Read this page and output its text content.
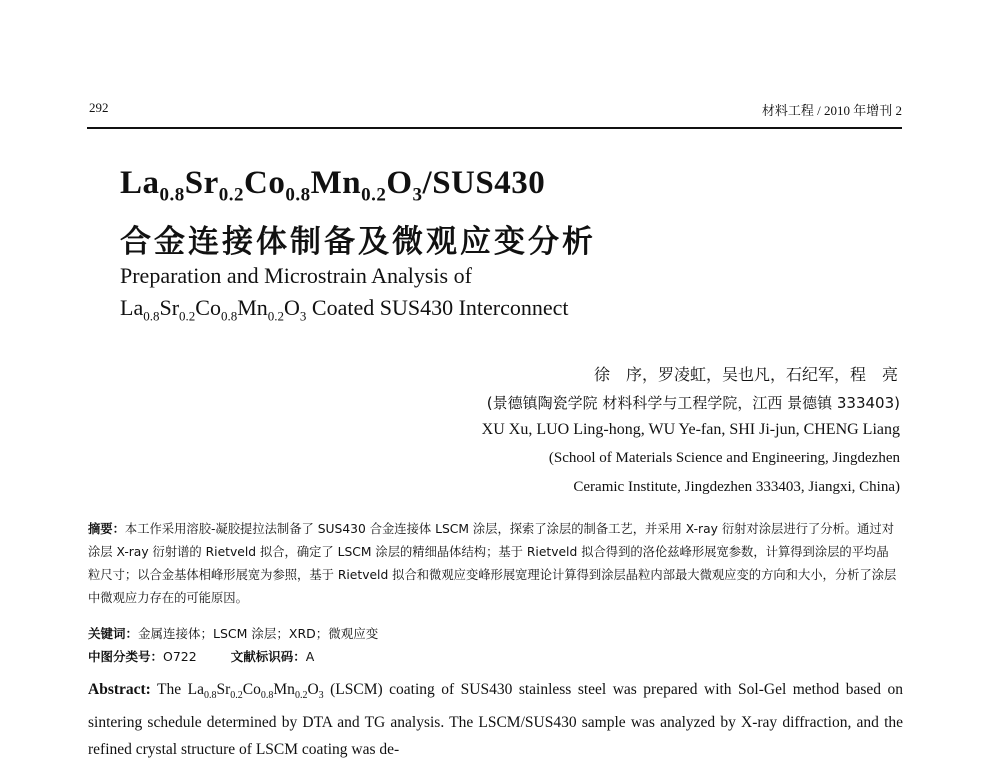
292	材料工程 / 2010 年增刊 2
$La_{0.8}Sr_{0.2}Co_{0.8}Mn_{0.2}O_3/SUS430$
合金连接体制备及微观应变分析
Preparation and Microstrain Analysis of
$La_{0.8}Sr_{0.2}Co_{0.8}Mn_{0.2}O_3$ Coated SUS430 Interconnect
徐　序，罗凌虹，吴也凡，石纪军，程　亮
(景德镇陶瓷学院 材料科学与工程学院，江西 景德镇 333403)
XU Xu, LUO Ling-hong, WU Ye-fan, SHI Ji-jun, CHENG Liang
(School of Materials Science and Engineering, Jingdezhen
Ceramic Institute, Jingdezhen 333403, Jiangxi, China)
摘要：本工作采用溶胶-凝胶提拉法制备了 SUS430 合金连接体 LSCM 涂层，探索了涂层的制备工艺，并采用 X-ray 衍射对涂层进行了分析。通过对涂层 X-ray 衍射谱的 Rietveld 拟合，确定了 LSCM 涂层的精细晶体结构；基于 Rietveld 拟合得到的洛伦兹峰形展宽参数，计算得到涂层的平均晶粒尺寸；以合金基体相峰形展宽为参照，基于 Rietveld 拟合和微观应变峰形展宽理论计算得到涂层晶粒内部最大微观应变的方向和大小，分析了涂层中微观应力存在的可能原因。
关键词：金属连接体；LSCM 涂层；XRD；微观应变
中图分类号：O722	文献标识码：A
Abstract: The $La_{0.8}Sr_{0.2}Co_{0.8}Mn_{0.2}O_3$ (LSCM) coating of SUS430 stainless steel was prepared with Sol-Gel method based on sintering schedule determined by DTA and TG analysis. The LSCM/SUS430 sample was analyzed by X-ray diffraction, and the refined crystal structure of LSCM coating was de-
